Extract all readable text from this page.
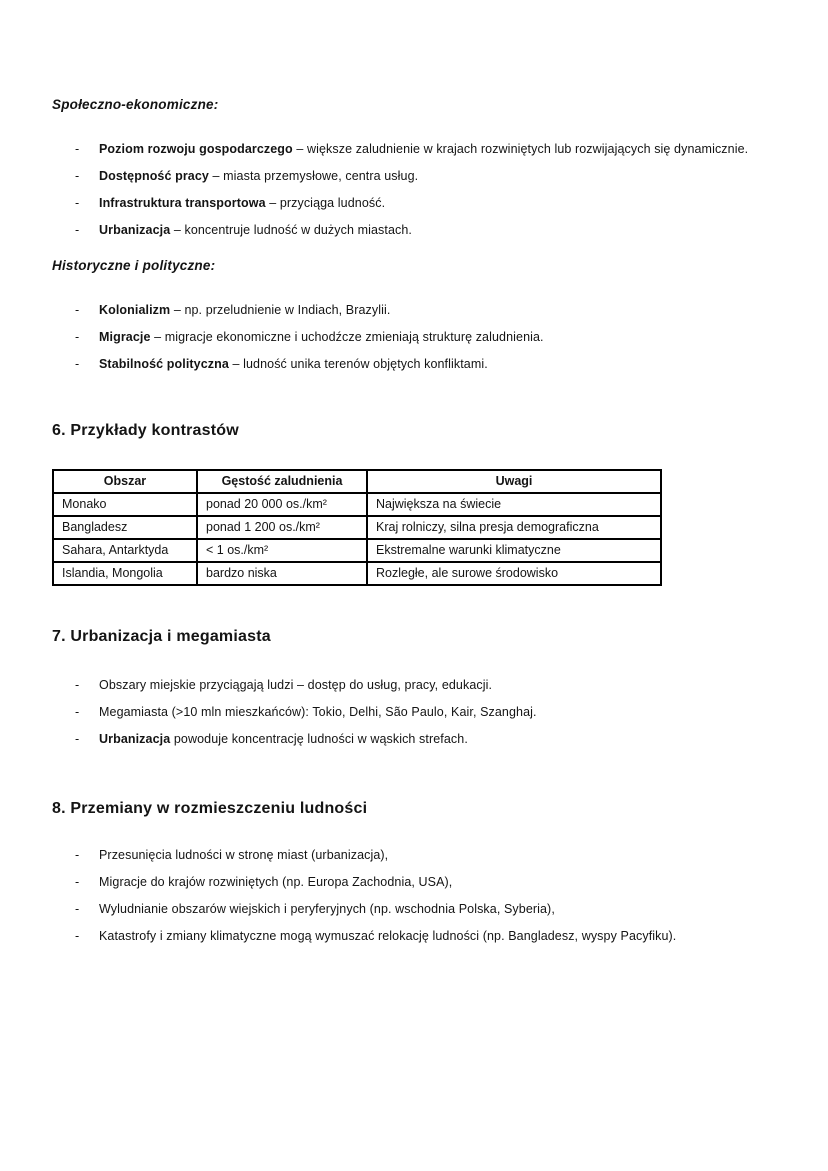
Społeczno-ekonomiczne:

-	Poziom rozwoju gospodarczego – większe zaludnienie w krajach rozwiniętych lub rozwijających się dynamicznie.
-	Dostępność pracy – miasta przemysłowe, centra usług.
-	Infrastruktura transportowa – przyciąga ludność.
-	Urbanizacja – koncentruje ludność w dużych miastach.

Historyczne i polityczne:

-	Kolonializm – np. przeludnienie w Indiach, Brazylii.
-	Migracje – migracje ekonomiczne i uchodźcze zmieniają strukturę zaludnienia.
-	Stabilność polityczna – ludność unika terenów objętych konfliktami.
6. Przykłady kontrastów
Obszar	Gęstość zaludnienia	Uwagi
Monako	ponad 20 000 os./km²	Największa na świecie
Bangladesz	ponad 1 200 os./km²	Kraj rolniczy, silna presja demograficzna
Sahara, Antarktyda	< 1 os./km²	Ekstremalne warunki klimatyczne
Islandia, Mongolia	bardzo niska	Rozległe, ale surowe środowisko
7. Urbanizacja i megamiasta
-	Obszary miejskie przyciągają ludzi – dostęp do usług, pracy, edukacji.
-	Megamiasta (>10 mln mieszkańców): Tokio, Delhi, São Paulo, Kair, Szanghaj.
-	Urbanizacja powoduje koncentrację ludności w wąskich strefach.
8. Przemiany w rozmieszczeniu ludności
-	Przesunięcia ludności w stronę miast (urbanizacja),
-	Migracje do krajów rozwiniętych (np. Europa Zachodnia, USA),
-	Wyludnianie obszarów wiejskich i peryferyjnych (np. wschodnia Polska, Syberia),
-	Katastrofy i zmiany klimatyczne mogą wymuszać relokację ludności (np. Bangladesz, wyspy Pacyfiku).
